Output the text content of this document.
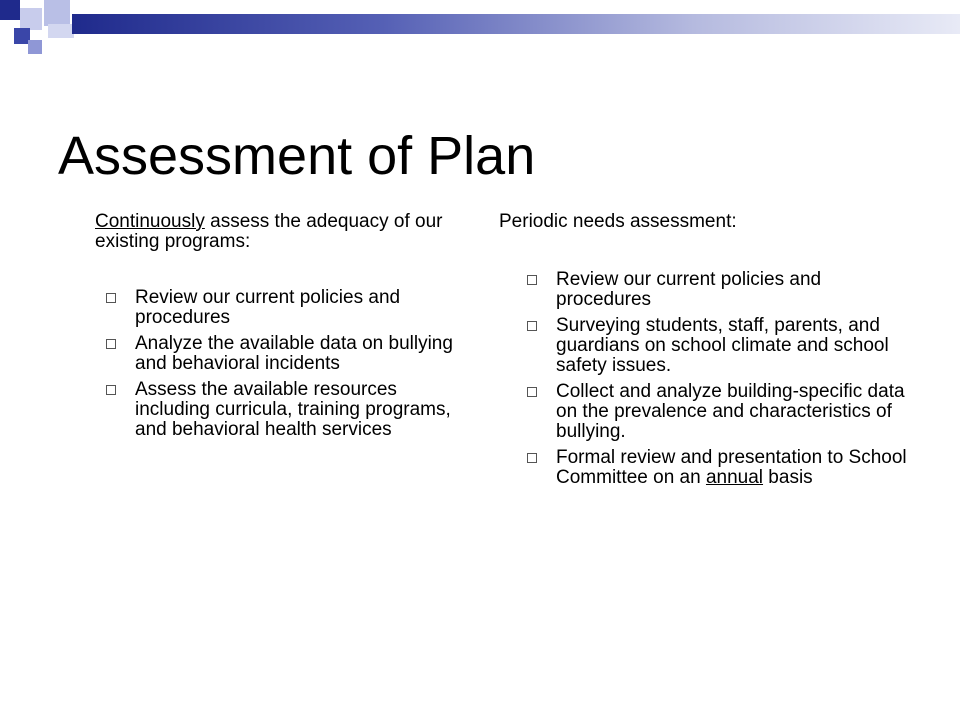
Assessment of Plan

Continuously assess the adequacy of our existing programs:

Review our current policies and procedures
Analyze the available data on bullying and behavioral incidents
Assess the available resources including curricula, training programs, and behavioral health services

Periodic needs assessment:

Review our current policies and procedures
Surveying students, staff, parents, and guardians on school climate and school safety issues.
Collect and analyze building-specific data on the prevalence and characteristics of bullying.
Formal review and presentation to School Committee on an annual basis
